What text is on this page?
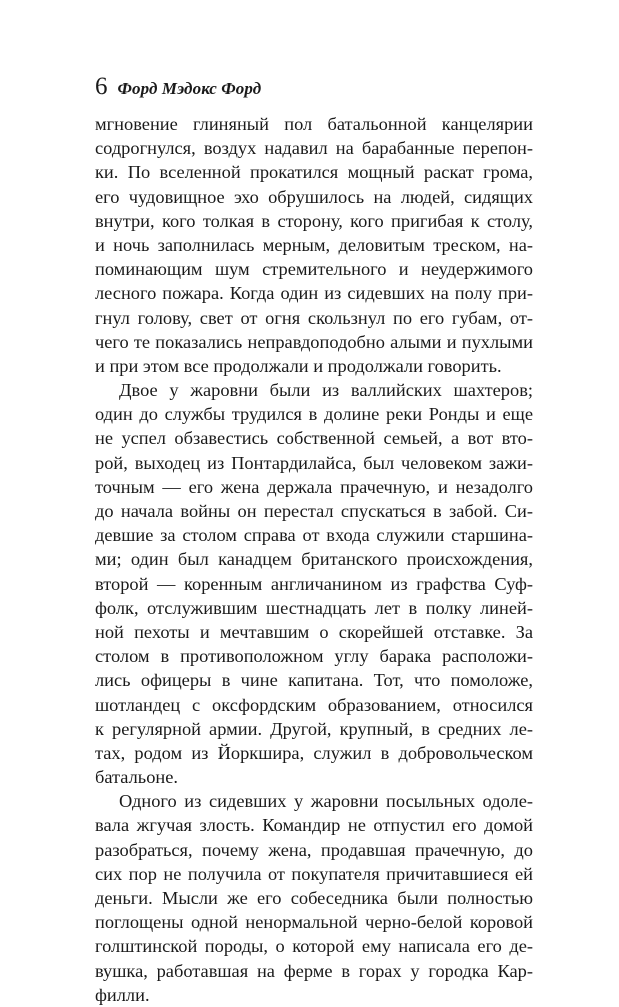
6 Форд Мэдокс Форд
мгновение глиняный пол батальонной канцелярии
содрогнулся, воздух надавил на барабанные перепон-
ки. По вселенной прокатился мощный раскат грома,
его чудовищное эхо обрушилось на людей, сидящих
внутри, кого толкая в сторону, кого пригибая к столу,
и ночь заполнилась мерным, деловитым треском, на-
поминающим шум стремительного и неудержимого
лесного пожара. Когда один из сидевших на полу при-
гнул голову, свет от огня скользнул по его губам, от-
чего те показались неправдоподобно алыми и пухлыми
и при этом все продолжали и продолжали говорить.
Двое у жаровни были из валлийских шахтеров;
один до службы трудился в долине реки Ронды и еще
не успел обзавестись собственной семьей, а вот вто-
рой, выходец из Понтардилайса, был человеком зажи-
точным — его жена держала прачечную, и незадолго
до начала войны он перестал спускаться в забой. Си-
девшие за столом справа от входа служили старшина-
ми; один был канадцем британского происхождения,
второй — коренным англичанином из графства Суф-
фолк, отслужившим шестнадцать лет в полку линей-
ной пехоты и мечтавшим о скорейшей отставке. За
столом в противоположном углу барака расположи-
лись офицеры в чине капитана. Тот, что помоложе,
шотландец с оксфордским образованием, относился
к регулярной армии. Другой, крупный, в средних ле-
тах, родом из Йоркшира, служил в добровольческом
батальоне.
Одного из сидевших у жаровни посыльных одоле-
вала жгучая злость. Командир не отпустил его домой
разобраться, почему жена, продавшая прачечную, до
сих пор не получила от покупателя причитавшиеся ей
деньги. Мысли же его собеседника были полностью
поглощены одной ненормальной черно-белой коровой
голштинской породы, о которой ему написала его де-
вушка, работавшая на ферме в горах у городка Кар-
филли.
